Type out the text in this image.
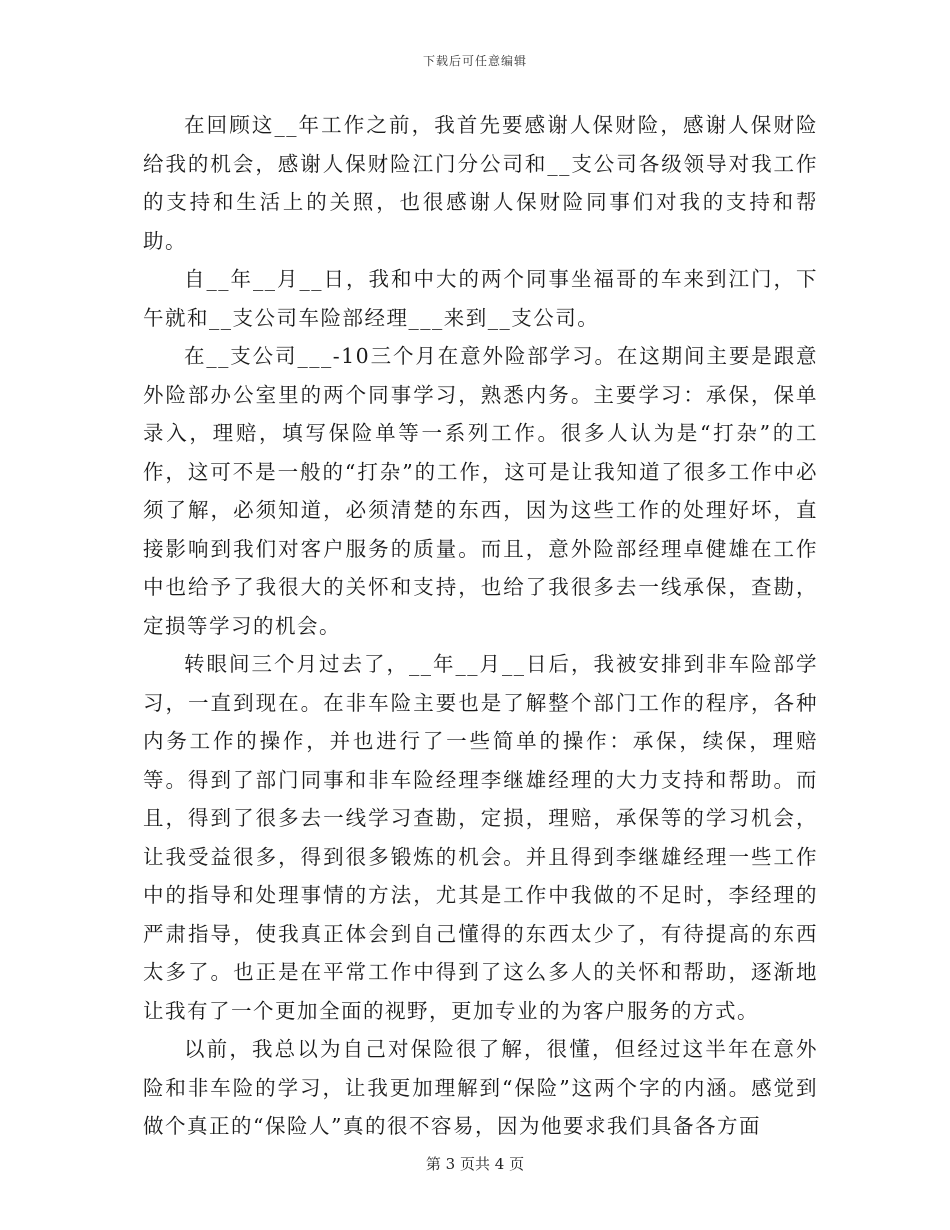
下载后可任意编辑

在回顾这__年工作之前，我首先要感谢人保财险，感谢人保财险给我的机会，感谢人保财险江门分公司和__支公司各级领导对我工作的支持和生活上的关照，也很感谢人保财险同事们对我的支持和帮助。

自__年__月__日，我和中大的两个同事坐福哥的车来到江门，下午就和__支公司车险部经理___来到__支公司。

在__支公司___-10三个月在意外险部学习。在这期间主要是跟意外险部办公室里的两个同事学习，熟悉内务。主要学习：承保，保单录入，理赔，填写保险单等一系列工作。很多人认为是“打杂”的工作，这可不是一般的“打杂”的工作，这可是让我知道了很多工作中必须了解，必须知道，必须清楚的东西，因为这些工作的处理好坏，直接影响到我们对客户服务的质量。而且，意外险部经理卓健雄在工作中也给予了我很大的关怀和支持，也给了我很多去一线承保，查勘，定损等学习的机会。

转眼间三个月过去了，__年__月__日后，我被安排到非车险部学习，一直到现在。在非车险主要也是了解整个部门工作的程序，各种内务工作的操作，并也进行了一些简单的操作：承保，续保，理赔等。得到了部门同事和非车险经理李继雄经理的大力支持和帮助。而且，得到了很多去一线学习查勘，定损，理赔，承保等的学习机会，让我受益很多，得到很多锻炼的机会。并且得到李继雄经理一些工作中的指导和处理事情的方法，尤其是工作中我做的不足时，李经理的严肃指导，使我真正体会到自己懂得的东西太少了，有待提高的东西太多了。也正是在平常工作中得到了这么多人的关怀和帮助，逐渐地让我有了一个更加全面的视野，更加专业的为客户服务的方式。

以前，我总以为自己对保险很了解，很懂，但经过这半年在意外险和非车险的学习，让我更加理解到“保险”这两个字的内涵。感觉到做个真正的“保险人”真的很不容易，因为他要求我们具备各方面

第 3 页共 4 页
